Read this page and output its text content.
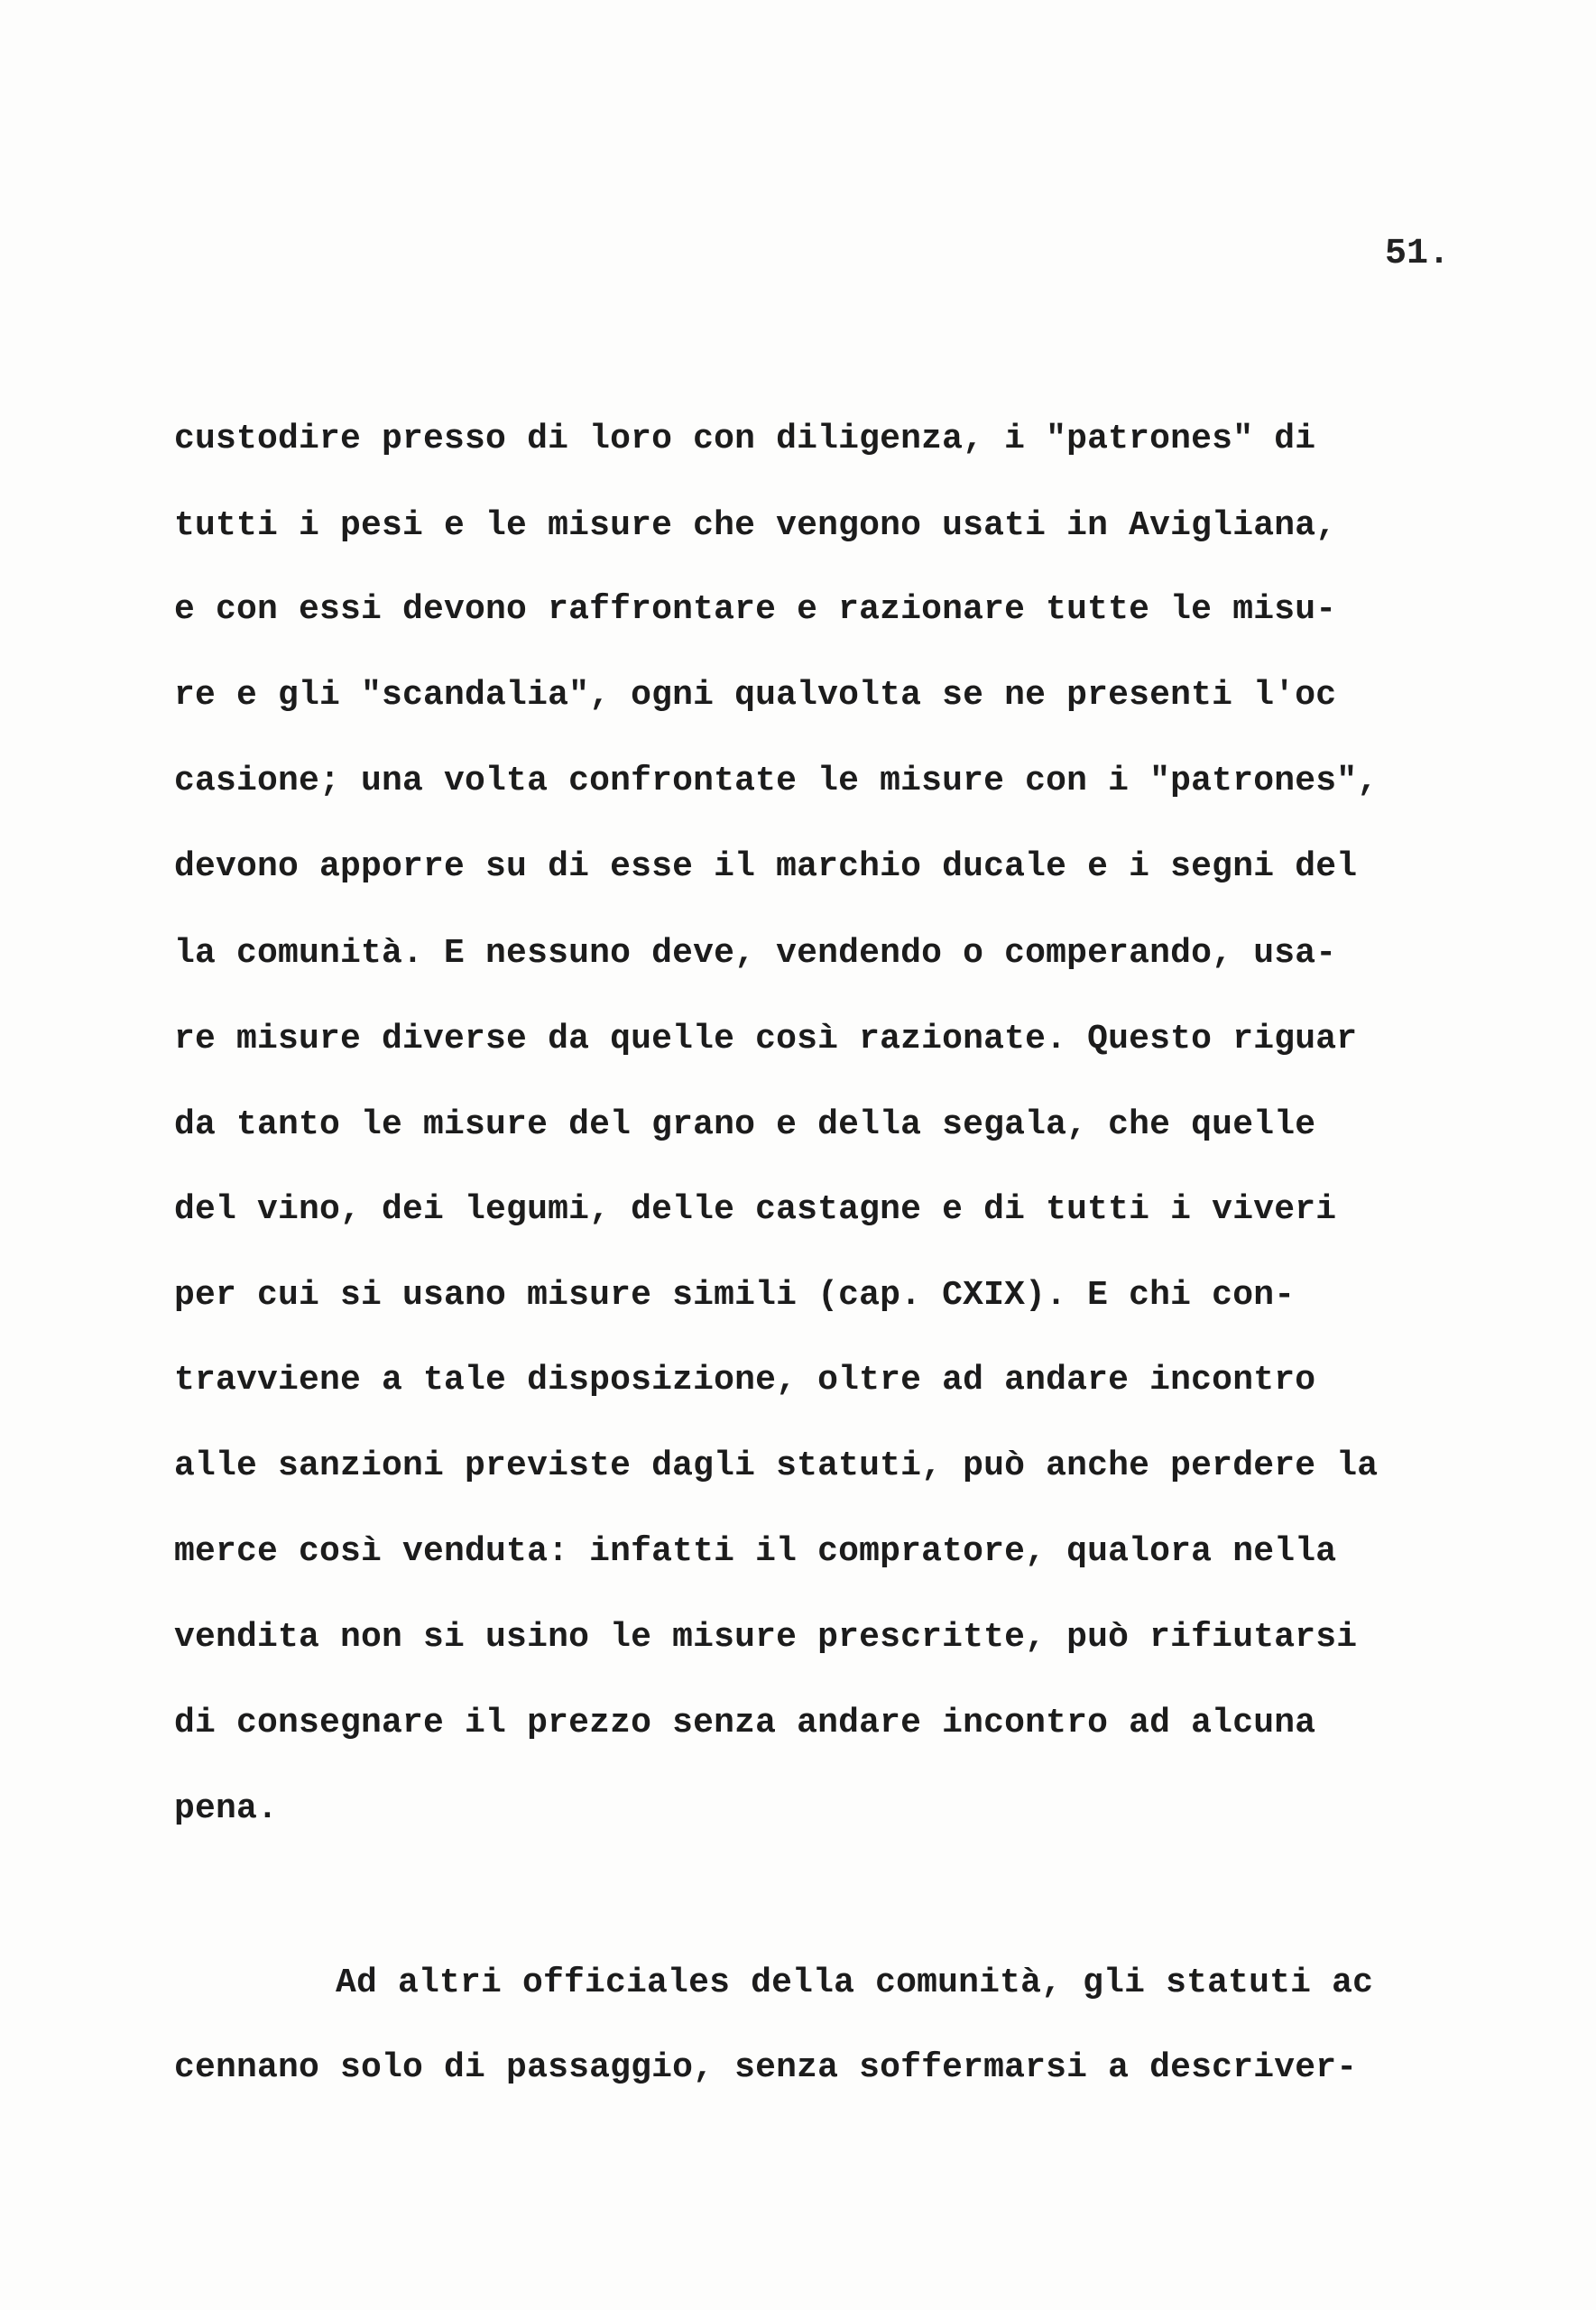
51.
custodire presso di loro con diligenza, i "patrones" di
tutti i pesi e le misure che vengono usati in Avigliana,
e con essi devono raffrontare e razionare tutte le misu-
re e gli "scandalia", ogni qualvolta se ne presenti l'oc
casione; una volta confrontate le misure con i "patrones",
devono apporre su di esse il marchio ducale e i segni del
la comunità. E nessuno deve, vendendo o comperando, usa-
re misure diverse da quelle così razionate. Questo riguar
da tanto le misure del grano e della segala, che quelle
del vino, dei legumi, delle castagne e di tutti i viveri
per cui si usano misure simili (cap. CXIX). E chi con-
travviene a tale disposizione, oltre ad andare incontro
alle sanzioni previste dagli statuti, può anche perdere la
merce così venduta: infatti il compratore, qualora nella
vendita non si usino le misure prescritte, può rifiutarsi
di consegnare il prezzo senza andare incontro ad alcuna
pena.
Ad altri officiales della comunità, gli statuti ac
cennano solo di passaggio, senza soffermarsi a descriver-
